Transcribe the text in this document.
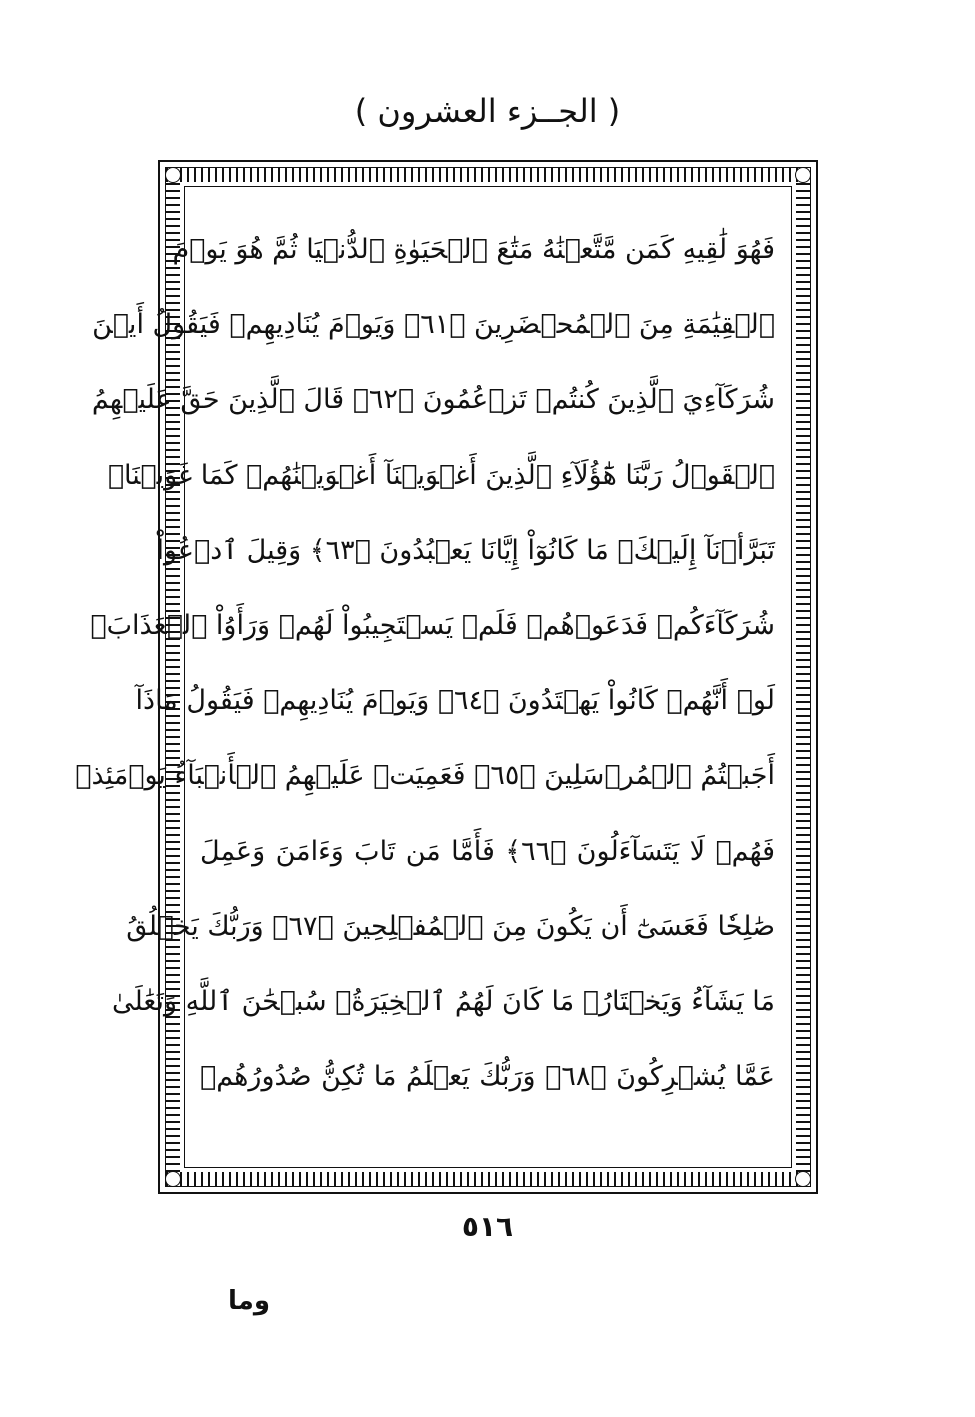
( الجــزء العشرون )
فَهُوَ لَٰقِيهِ كَمَن مَّتَّعۡنَٰهُ مَتَٰعَ ٱلۡحَيَوٰةِ ٱلدُّنۡيَا ثُمَّ هُوَ يَوۡمَ
ٱلۡقِيَٰمَةِ مِنَ ٱلۡمُحۡضَرِينَ ﴿٦١﴾ وَيَوۡمَ يُنَادِيهِمۡ فَيَقُولُ أَيۡنَ
شُرَكَآءِيَ ٱلَّذِينَ كُنتُمۡ تَزۡعُمُونَ ﴿٦٢﴾ قَالَ ٱلَّذِينَ حَقَّ عَلَيۡهِمُ
ٱلۡقَوۡلُ رَبَّنَا هَٰٓؤُلَآءِ ٱلَّذِينَ أَغۡوَيۡنَآ أَغۡوَيۡنَٰهُمۡ كَمَا غَوَيۡنَاۖ
تَبَرَّأۡنَآ إِلَيۡكَۖ مَا كَانُوٓاْ إِيَّانَا يَعۡبُدُونَ ﴿٦٣﴾ وَقِيلَ ٱدۡعُواْ
شُرَكَآءَكُمۡ فَدَعَوۡهُمۡ فَلَمۡ يَسۡتَجِيبُواْ لَهُمۡ وَرَأَوُاْ ٱلۡعَذَابَۚ
لَوۡ أَنَّهُمۡ كَانُواْ يَهۡتَدُونَ ﴿٦٤﴾ وَيَوۡمَ يُنَادِيهِمۡ فَيَقُولُ مَاذَآ
أَجَبۡتُمُ ٱلۡمُرۡسَلِينَ ﴿٦٥﴾ فَعَمِيَتۡ عَلَيۡهِمُ ٱلۡأَنۢبَآءُ يَوۡمَئِذٖ
فَهُمۡ لَا يَتَسَآءَلُونَ ﴿٦٦﴾ فَأَمَّا مَن تَابَ وَءَامَنَ وَعَمِلَ
صَٰلِحٗا فَعَسَىٰٓ أَن يَكُونَ مِنَ ٱلۡمُفۡلِحِينَ ﴿٦٧﴾ وَرَبُّكَ يَخۡلُقُ
مَا يَشَآءُ وَيَخۡتَارُۗ مَا كَانَ لَهُمُ ٱلۡخِيَرَةُۚ سُبۡحَٰنَ ٱللَّهِ وَتَعَٰلَىٰ
عَمَّا يُشۡرِكُونَ ﴿٦٨﴾ وَرَبُّكَ يَعۡلَمُ مَا تُكِنُّ صُدُورُهُمۡ
٥١٦
وما
